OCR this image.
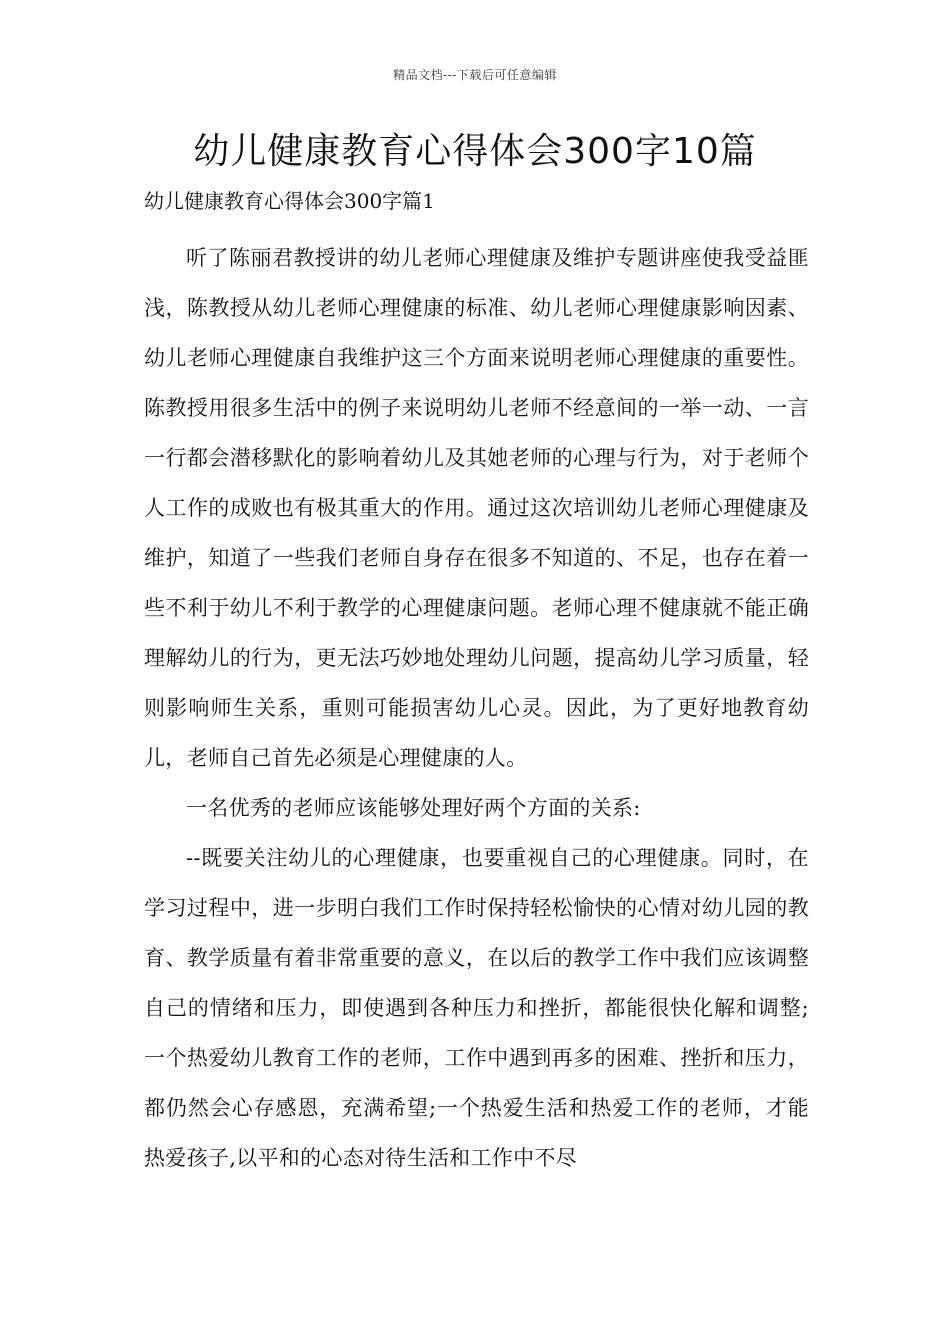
精品文档---下载后可任意编辑
幼儿健康教育心得体会300字10篇
幼儿健康教育心得体会300字篇1

听了陈丽君教授讲的幼儿老师心理健康及维护专题讲座使我受益匪浅，陈教授从幼儿老师心理健康的标准、幼儿老师心理健康影响因素、幼儿老师心理健康自我维护这三个方面来说明老师心理健康的重要性。陈教授用很多生活中的例子来说明幼儿老师不经意间的一举一动、一言一行都会潜移默化的影响着幼儿及其她老师的心理与行为，对于老师个人工作的成败也有极其重大的作用。通过这次培训幼儿老师心理健康及维护，知道了一些我们老师自身存在很多不知道的、不足，也存在着一些不利于幼儿不利于教学的心理健康问题。老师心理不健康就不能正确理解幼儿的行为，更无法巧妙地处理幼儿问题，提高幼儿学习质量，轻则影响师生关系，重则可能损害幼儿心灵。因此，为了更好地教育幼儿，老师自己首先必须是心理健康的人。

一名优秀的老师应该能够处理好两个方面的关系:

--既要关注幼儿的心理健康，也要重视自己的心理健康。同时，在学习过程中，进一步明白我们工作时保持轻松愉快的心情对幼儿园的教育、教学质量有着非常重要的意义，在以后的教学工作中我们应该调整自己的情绪和压力，即使遇到各种压力和挫折，都能很快化解和调整;一个热爱幼儿教育工作的老师，工作中遇到再多的困难、挫折和压力，都仍然会心存感恩，充满希望;一个热爱生活和热爱工作的老师，才能热爱孩子,以平和的心态对待生活和工作中不尽
